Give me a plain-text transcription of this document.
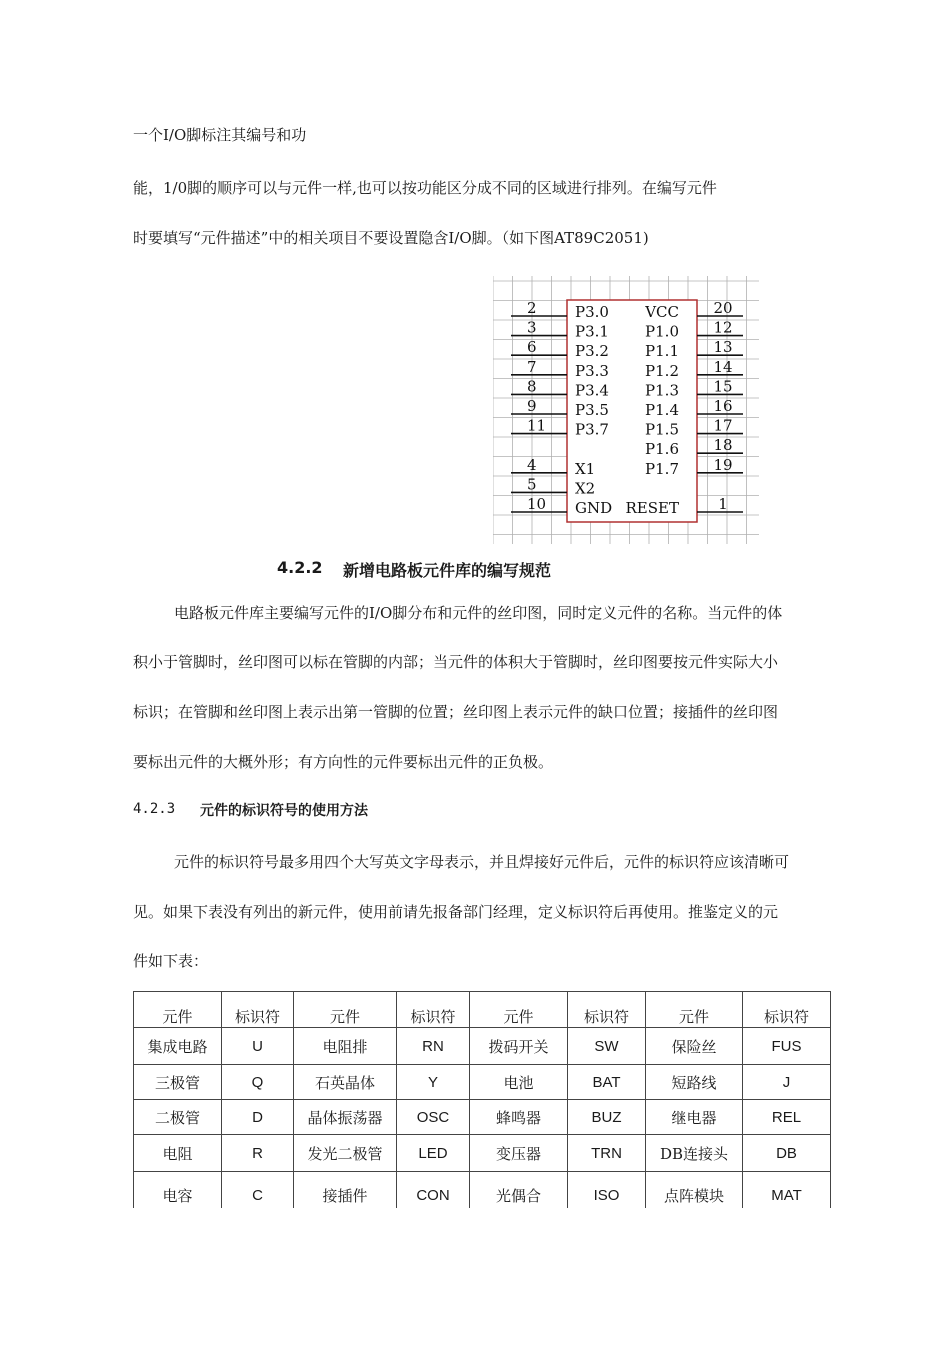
一个I/O脚标注其编号和功
能，1/0脚的顺序可以与元件一样,也可以按功能区分成不同的区域进行排列。在编写元件
时要填写“元件描述”中的相关项目不要设置隐含I/O脚。（如下图AT89C2051)
2	P3.0
3	P3.1
6	P3.2
7	P3.3
8	P3.4
9	P3.5
11 P3.7
4	X1
5	X2
10 GND
20
VCC
12
P1.0
13
P1.1
14
P1.2
15
P1.3
16
P1.4
17
P1.5
18
P1.6
19
P1.7
1
RESET
4.2.2 新增电路板元件库的编写规范
电路板元件库主要编写元件的I/O脚分布和元件的丝印图，同时定义元件的名称。当元件的体
积小于管脚时，丝印图可以标在管脚的内部；当元件的体积大于管脚时，丝印图要按元件实际大小
标识；在管脚和丝印图上表示出第一管脚的位置；丝印图上表示元件的缺口位置；接插件的丝印图
要标出元件的大概外形；有方向性的元件要标出元件的正负极。
4.2.3 元件的标识符号的使用方法
元件的标识符号最多用四个大写英文字母表示，并且焊接好元件后，元件的标识符应该清晰可
见。如果下表没有列出的新元件，使用前请先报备部门经理，定义标识符后再使用。推鉴定义的元
件如下表：
元件	标识符	元件	标识符	元件	标识符	元件	标识符
集成电路	U	电阻排	RN	拨码开关	SW	保险丝	FUS
三极管	Q	石英晶体	Y	电池	BAT	短路线	J
二极管	D	晶体振荡器	OSC	蜂鸣器	BUZ	继电器	REL
电阻	R	发光二极管	LED	变压器	TRN	DB连接头	DB
电容	C	接插件	CON	光偶合	ISO	点阵模块	MAT
